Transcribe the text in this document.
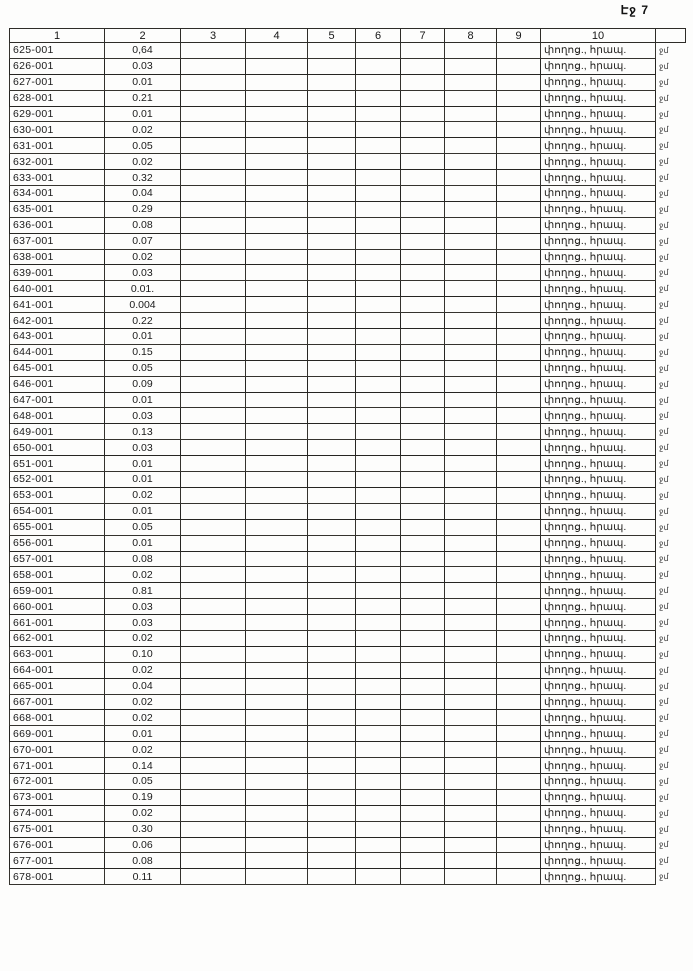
Էջ 7
1	2	3	4	5	6	7	8	9	10	
625-001	0,64								փողոց., հրապ.	ջմ
626-001	0.03								փողոց., հրապ.	ջմ
627-001	0.01								փողոց., հրապ.	ջմ
628-001	0.21								փողոց., հրապ.	ջմ
629-001	0.01								փողոց., հրապ.	ջմ
630-001	0.02								փողոց., հրապ.	ջմ
631-001	0.05								փողոց., հրապ.	ջմ
632-001	0.02								փողոց., հրապ.	ջմ
633-001	0.32								փողոց., հրապ.	ջմ
634-001	0.04								փողոց., հրապ.	ջմ
635-001	0.29								փողոց., հրապ.	ջմ
636-001	0.08								փողոց., հրապ.	ջմ
637-001	0.07								փողոց., հրապ.	ջմ
638-001	0.02								փողոց., հրապ.	ջմ
639-001	0.03								փողոց., հրապ.	ջմ
640-001	0.01.								փողոց., հրապ.	ջմ
641-001	0.004								փողոց., հրապ.	ջմ
642-001	0.22								փողոց., հրապ.	ջմ
643-001	0.01								փողոց., հրապ.	ջմ
644-001	0.15								փողոց., հրապ.	ջմ
645-001	0.05								փողոց., հրապ.	ջմ
646-001	0.09								փողոց., հրապ.	ջմ
647-001	0.01								փողոց., հրապ.	ջմ
648-001	0.03								փողոց., հրապ.	ջմ
649-001	0.13								փողոց., հրապ.	ջմ
650-001	0.03								փողոց., հրապ.	ջմ
651-001	0.01								փողոց., հրապ.	ջմ
652-001	0.01								փողոց., հրապ.	ջմ
653-001	0.02								փողոց., հրապ.	ջմ
654-001	0.01								փողոց., հրապ.	ջմ
655-001	0.05								փողոց., հրապ.	ջմ
656-001	0.01								փողոց., հրապ.	ջմ
657-001	0.08								փողոց., հրապ.	ջմ
658-001	0.02								փողոց., հրապ.	ջմ
659-001	0.81								փողոց., հրապ.	ջմ
660-001	0.03								փողոց., հրապ.	ջմ
661-001	0.03								փողոց., հրապ.	ջմ
662-001	0.02								փողոց., հրապ.	ջմ
663-001	0.10								փողոց., հրապ.	ջմ
664-001	0.02								փողոց., հրապ.	ջմ
665-001	0.04								փողոց., հրապ.	ջմ
667-001	0.02								փողոց., հրապ.	ջմ
668-001	0.02								փողոց., հրապ.	ջմ
669-001	0.01								փողոց., հրապ.	ջմ
670-001	0.02								փողոց., հրապ.	ջմ
671-001	0.14								փողոց., հրապ.	ջմ
672-001	0.05								փողոց., հրապ.	ջմ
673-001	0.19								փողոց., հրապ.	ջմ
674-001	0.02								փողոց., հրապ.	ջմ
675-001	0.30								փողոց., հրապ.	ջմ
676-001	0.06								փողոց., հրապ.	ջմ
677-001	0.08								փողոց., հրապ.	ջմ
678-001	0.11								փողոց., հրապ.	ջմ
